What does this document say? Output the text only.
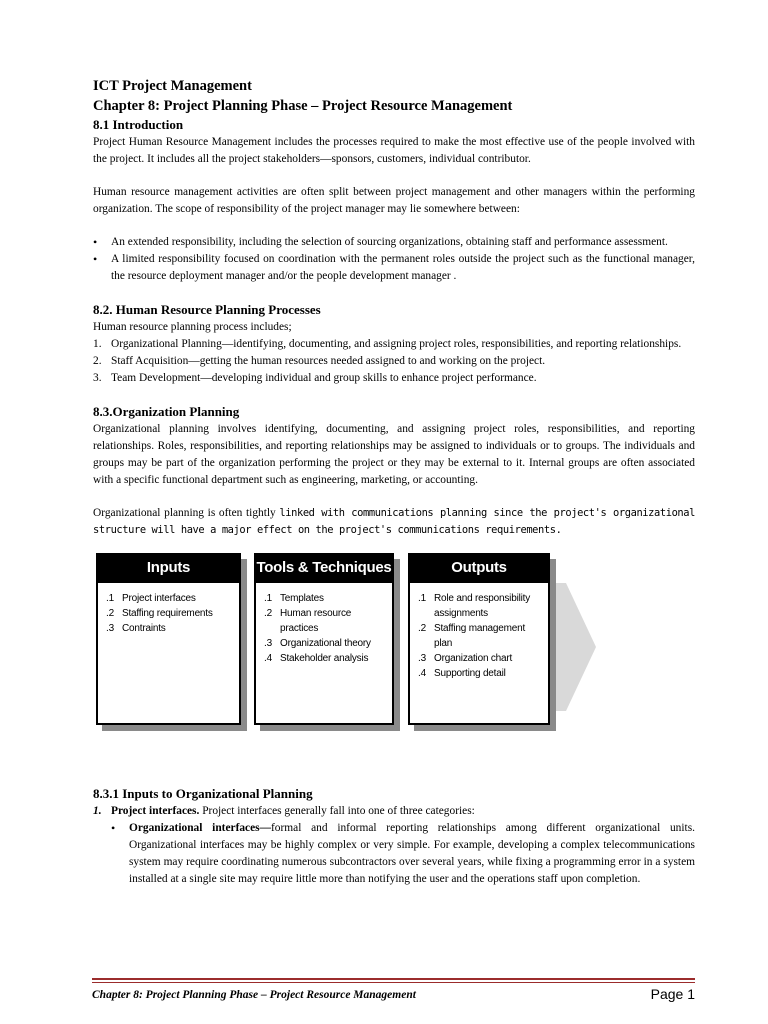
ICT Project Management
Chapter 8: Project Planning Phase – Project Resource Management
8.1 Introduction

Project Human Resource Management includes the processes required to make the most effective use of the people involved with the project. It includes all the project stakeholders—sponsors, customers, individual contributor.

Human resource management activities are often split between project management and other managers within the performing organization. The scope of responsibility of the project manager may lie somewhere between:

• An extended responsibility, including the selection of sourcing organizations, obtaining staff and performance assessment.
• A limited responsibility focused on coordination with the permanent roles outside the project such as the functional manager, the resource deployment manager and/or the people development manager .
8.2. Human Resource Planning Processes

Human resource planning process includes;

1. Organizational Planning—identifying, documenting, and assigning project roles, responsibilities, and reporting relationships.
2. Staff Acquisition—getting the human resources needed assigned to and working on the project.
3. Team Development—developing individual and group skills to enhance project performance.
8.3.Organization Planning

Organizational planning involves identifying, documenting, and assigning project roles, responsibilities, and reporting relationships. Roles, responsibilities, and reporting relationships may be assigned to individuals or to groups. The individuals and groups may be part of the organization performing the project or they may be external to it. Internal groups are often associated with a specific functional department such as engineering, marketing, or accounting.

Organizational planning is often tightly linked with communications planning since the project's organizational structure will have a major effect on the project's communications requirements.

Inputs
.1 Project interfaces
.2 Staffing requirements
.3 Contraints
Tools & Techniques
.1 Templates
.2 Human resource practices
.3 Organizational theory
.4 Stakeholder analysis
Outputs
.1 Role and responsibility assignments
.2 Staffing management plan
.3 Organization chart
.4 Supporting detail
8.3.1 Inputs to Organizational Planning
1. Project interfaces. Project interfaces generally fall into one of three categories:
• Organizational interfaces—formal and informal reporting relationships among different organizational units. Organizational interfaces may be highly complex or very simple. For example, developing a complex telecommunications system may require coordinating numerous subcontractors over several years, while fixing a programming error in a system installed at a single site may require little more than notifying the user and the operations staff upon completion.
Chapter 8: Project Planning Phase – Project Resource Management	Page 1
